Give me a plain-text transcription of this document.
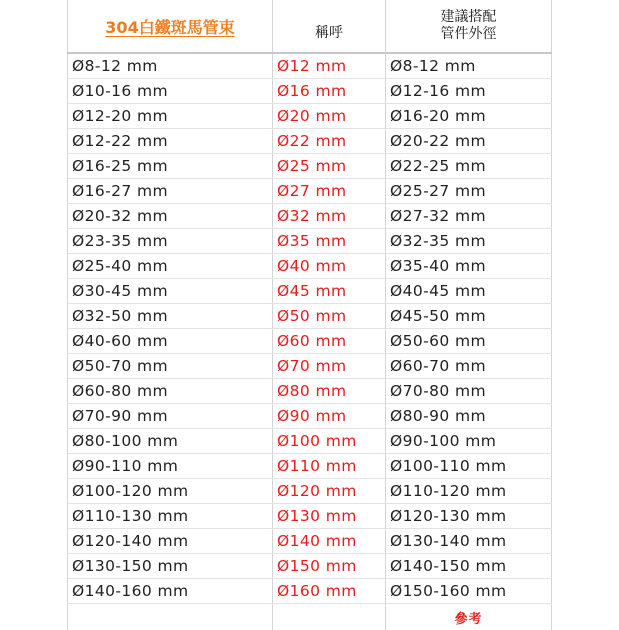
304白鐵斑馬管束	稱呼	建議搭配
管件外徑

Ø8-12 mm	Ø12 mm	Ø8-12 mm
Ø10-16 mm	Ø16 mm	Ø12-16 mm
Ø12-20 mm	Ø20 mm	Ø16-20 mm
Ø12-22 mm	Ø22 mm	Ø20-22 mm
Ø16-25 mm	Ø25 mm	Ø22-25 mm
Ø16-27 mm	Ø27 mm	Ø25-27 mm
Ø20-32 mm	Ø32 mm	Ø27-32 mm
Ø23-35 mm	Ø35 mm	Ø32-35 mm
Ø25-40 mm	Ø40 mm	Ø35-40 mm
Ø30-45 mm	Ø45 mm	Ø40-45 mm
Ø32-50 mm	Ø50 mm	Ø45-50 mm
Ø40-60 mm	Ø60 mm	Ø50-60 mm
Ø50-70 mm	Ø70 mm	Ø60-70 mm
Ø60-80 mm	Ø80 mm	Ø70-80 mm
Ø70-90 mm	Ø90 mm	Ø80-90 mm
Ø80-100 mm	Ø100 mm	Ø90-100 mm
Ø90-110 mm	Ø110 mm	Ø100-110 mm
Ø100-120 mm	Ø120 mm	Ø110-120 mm
Ø110-130 mm	Ø130 mm	Ø120-130 mm
Ø120-140 mm	Ø140 mm	Ø130-140 mm
Ø130-150 mm	Ø150 mm	Ø140-150 mm
Ø140-160 mm	Ø160 mm	Ø150-160 mm
		參考
